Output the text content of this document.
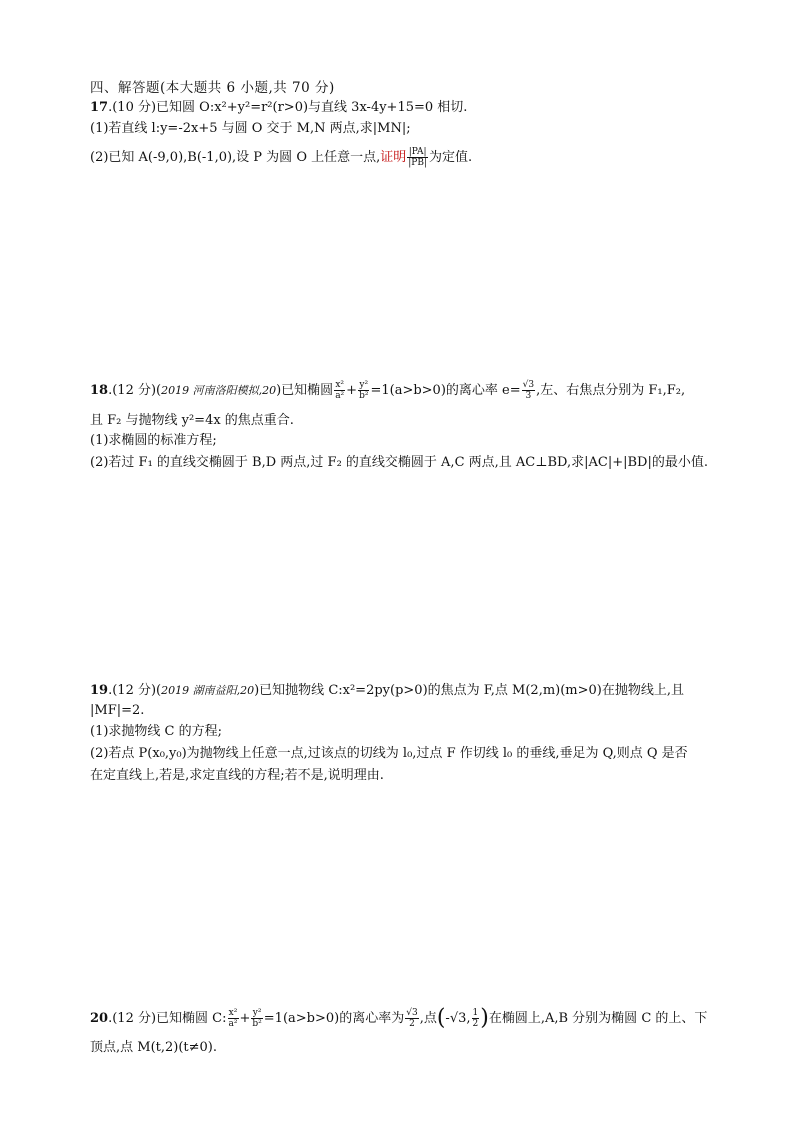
四、解答题(本大题共 6 小题,共 70 分)
17.(10 分)已知圆 O:x²+y²=r²(r>0)与直线 3x-4y+15=0 相切.
(1)若直线 l:y=-2x+5 与圆 O 交于 M,N 两点,求|MN|;
(2)已知 A(-9,0),B(-1,0),设 P 为圆 O 上任意一点,证明 $\frac{|PA|}{|PB|}$ 为定值.
18.(12 分)(2019 河南洛阳模拟,20)已知椭圆 $\frac{\text{x²}}{\text{a²}} + \frac{\text{y²}}{\text{b²}} =1(a>b>0)$的离心率 $e= \frac{√3}{3}$ ,左、右焦点分别为 F₁,F₂,
且 F₂ 与抛物线 y²=4x 的焦点重合.
(1)求椭圆的标准方程;
(2)若过 F₁ 的直线交椭圆于 B,D 两点,过 F₂ 的直线交椭圆于 A,C 两点,且 AC⊥BD,求|AC|+|BD|的最小值.
19.(12 分)(2019 湖南益阳,20)已知抛物线 C:x²=2py(p>0)的焦点为 F,点 M(2,m)(m>0)在抛物线上,且
|MF|=2.
(1)求抛物线 C 的方程;
(2)若点 P(x₀,y₀)为抛物线上任意一点,过该点的切线为 l₀,过点 F 作切线 l₀ 的垂线,垂足为 Q,则点 Q 是否
在定直线上,若是,求定直线的方程;若不是,说明理由.
20.(12 分)已知椭圆 C: $\frac{\text{x²}}{\text{a²}} + \frac{\text{y²}}{\text{b²}} =1(a>b>0)$的离心率为 $\frac{√3}{2}$ ,点(-√3, $\frac{1}{2}$ )在椭圆上,A,B 分别为椭圆 C 的上、下
顶点,点 M(t,2)(t≠0).
